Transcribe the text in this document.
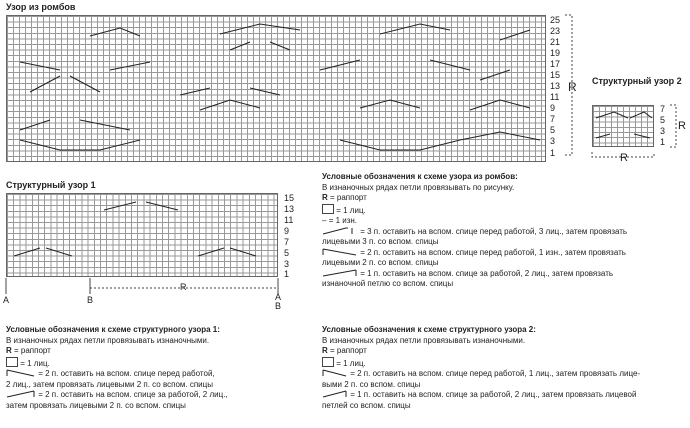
Узор из ромбов
25
23
21
19
17
15
13
11
9
7
5
3
1
R Структурный узор 2
7
5
3
1
R
R
Структурный узор 1
15
13
11
9
7
5
3
1
A	B
R
A
B
Условные обозначения к схеме узора из ромбов:
В изнаночных рядах петли провязывать по рисунку.
R = раппорт
= 1 лиц.
– = 1 изн.
= 3 п. оставить на вспом. спице перед работой, 3 лиц., затем провязать
лицевыми 3 п. со вспом. спицы
= 2 п. оставить на вспом. спице перед работой, 1 изн., затем провязать
лицевыми 2 п. со вспом. спицы
= 1 п. оставить на вспом. спице за работой, 2 лиц., затем провязать
изнаночной петлю со вспом. спицы
Условные обозначения к схеме структурного узора 1:
В изнаночных рядах петли провязывать изнаночными.
R = раппорт
= 1 лиц.
= 2 п. оставить на вспом. спице перед работой,
2 лиц., затем провязать лицевыми 2 п. со вспом. спицы
= 2 п. оставить на вспом. спице за работой, 2 лиц.,
затем провязать лицевыми 2 п. со вспом. спицы
Условные обозначения к схеме структурного узора 2:
В изнаночных рядах петли провязывать изнаночными.
R = раппорт
= 1 лиц.
= 2 п. оставить на вспом. спице перед работой, 1 лиц., затем провязать лице-
выми 2 п. со вспом. спицы
= 1 п. оставить на вспом. спице за работой, 2 лиц., затем провязать лицевой
петлей со вспом. спицы
